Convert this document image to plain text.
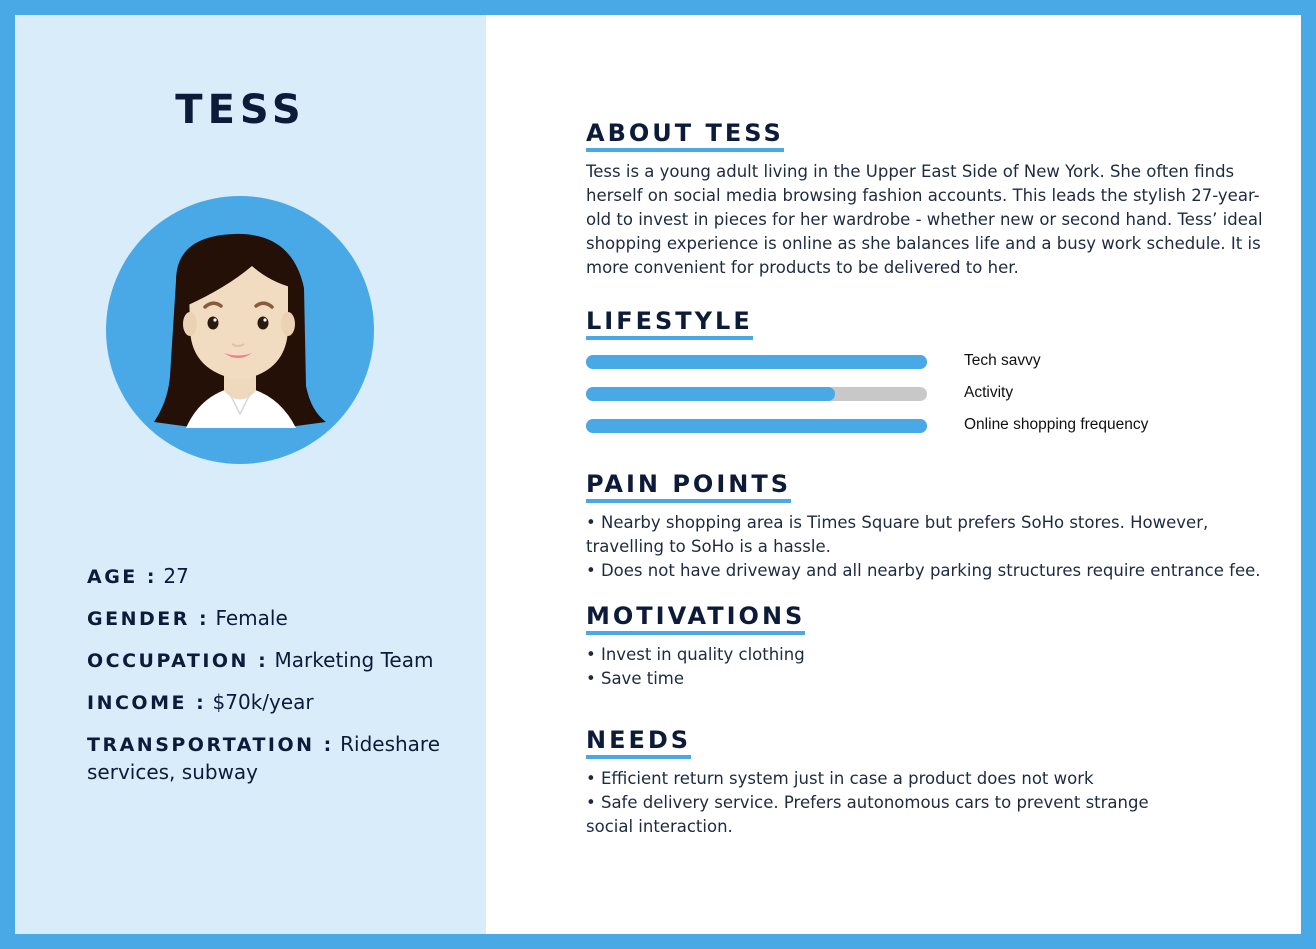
TESS
AGE : 27
GENDER : Female
OCCUPATION : Marketing Team
INCOME : $70k/year
TRANSPORTATION : Rideshare services, subway
ABOUT TESS

Tess is a young adult living in the Upper East Side of New York. She often finds herself on social media browsing fashion accounts. This leads the stylish 27-year-old to invest in pieces for her wardrobe - whether new or second hand. Tess’ ideal shopping experience is online as she balances life and a busy work schedule. It is more convenient for products to be delivered to her.

LIFESTYLE
Tech savvy
Activity
Online shopping frequency
PAIN POINTS

• Nearby shopping area is Times Square but prefers SoHo stores. However, travelling to SoHo is a hassle.

• Does not have driveway and all nearby parking structures require entrance fee.

MOTIVATIONS

• Invest in quality clothing

• Save time

NEEDS

• Efficient return system just in case a product does not work

• Safe delivery service. Prefers autonomous cars to prevent strange social interaction.
